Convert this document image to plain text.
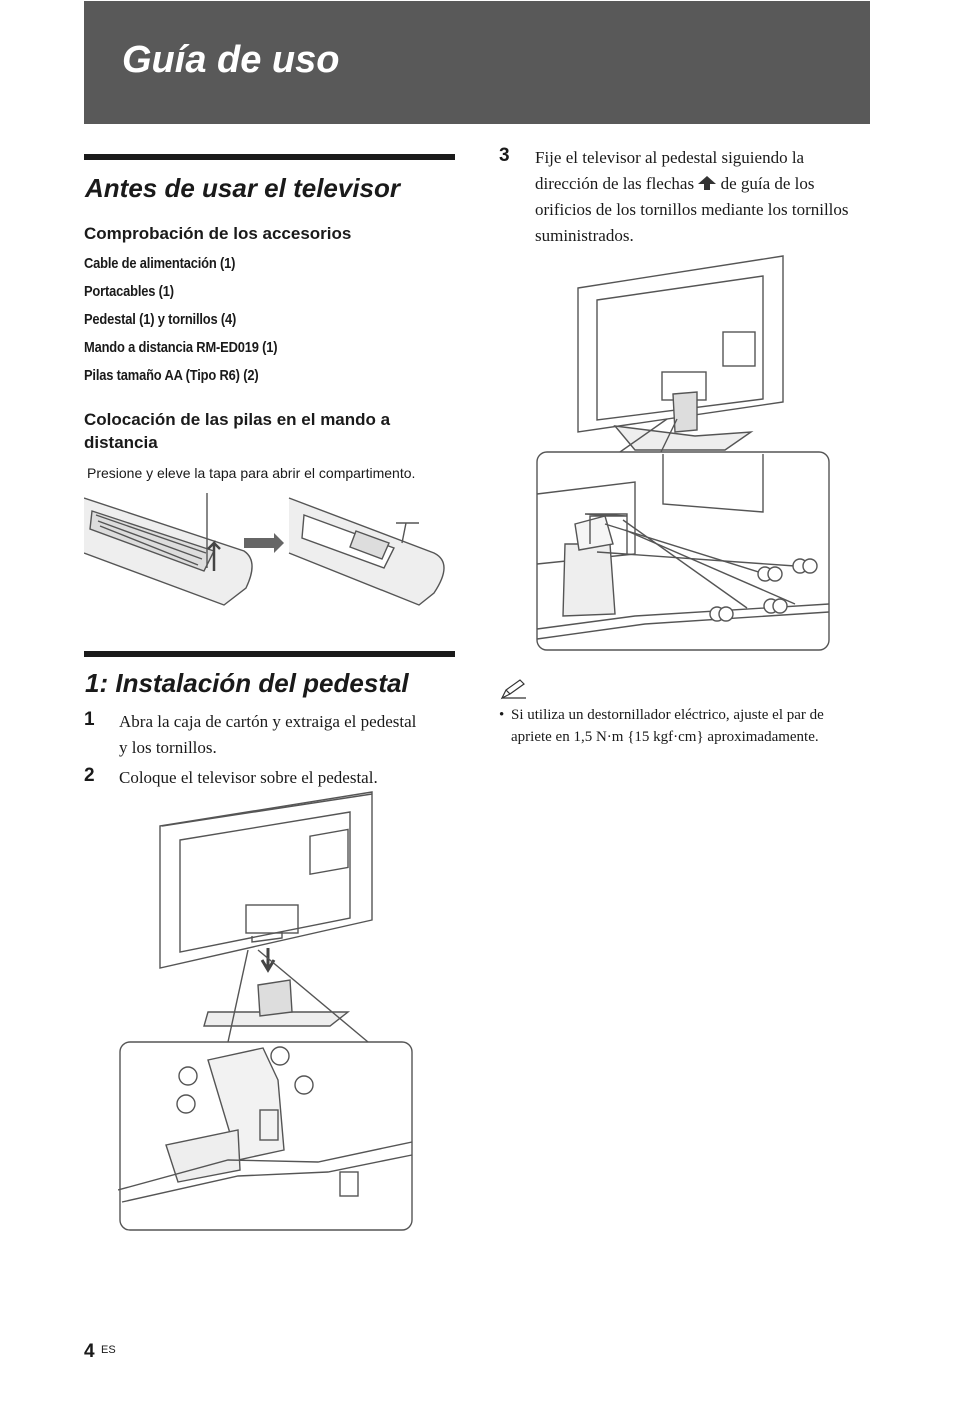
Guía de uso
Antes de usar el televisor
Comprobación de los accesorios
Cable de alimentación (1)
Portacables (1)
Pedestal (1) y tornillos (4)
Mando a distancia RM-ED019 (1)
Pilas tamaño AA (Tipo R6) (2)
Colocación de las pilas en el mando a distancia
Presione y eleve la tapa para abrir el compartimento.
1: Instalación del pedestal
1	Abra la caja de cartón y extraiga el pedestal y los tornillos.
2	Coloque el televisor sobre el pedestal.
3	Fije el televisor al pedestal siguiendo la dirección de las flechas de guía de los orificios de los tornillos mediante los tornillos suministrados.
• Si utiliza un destornillador eléctrico, ajuste el par de apriete en 1,5 N·m {15 kgf·cm} aproximadamente.
4 ES
